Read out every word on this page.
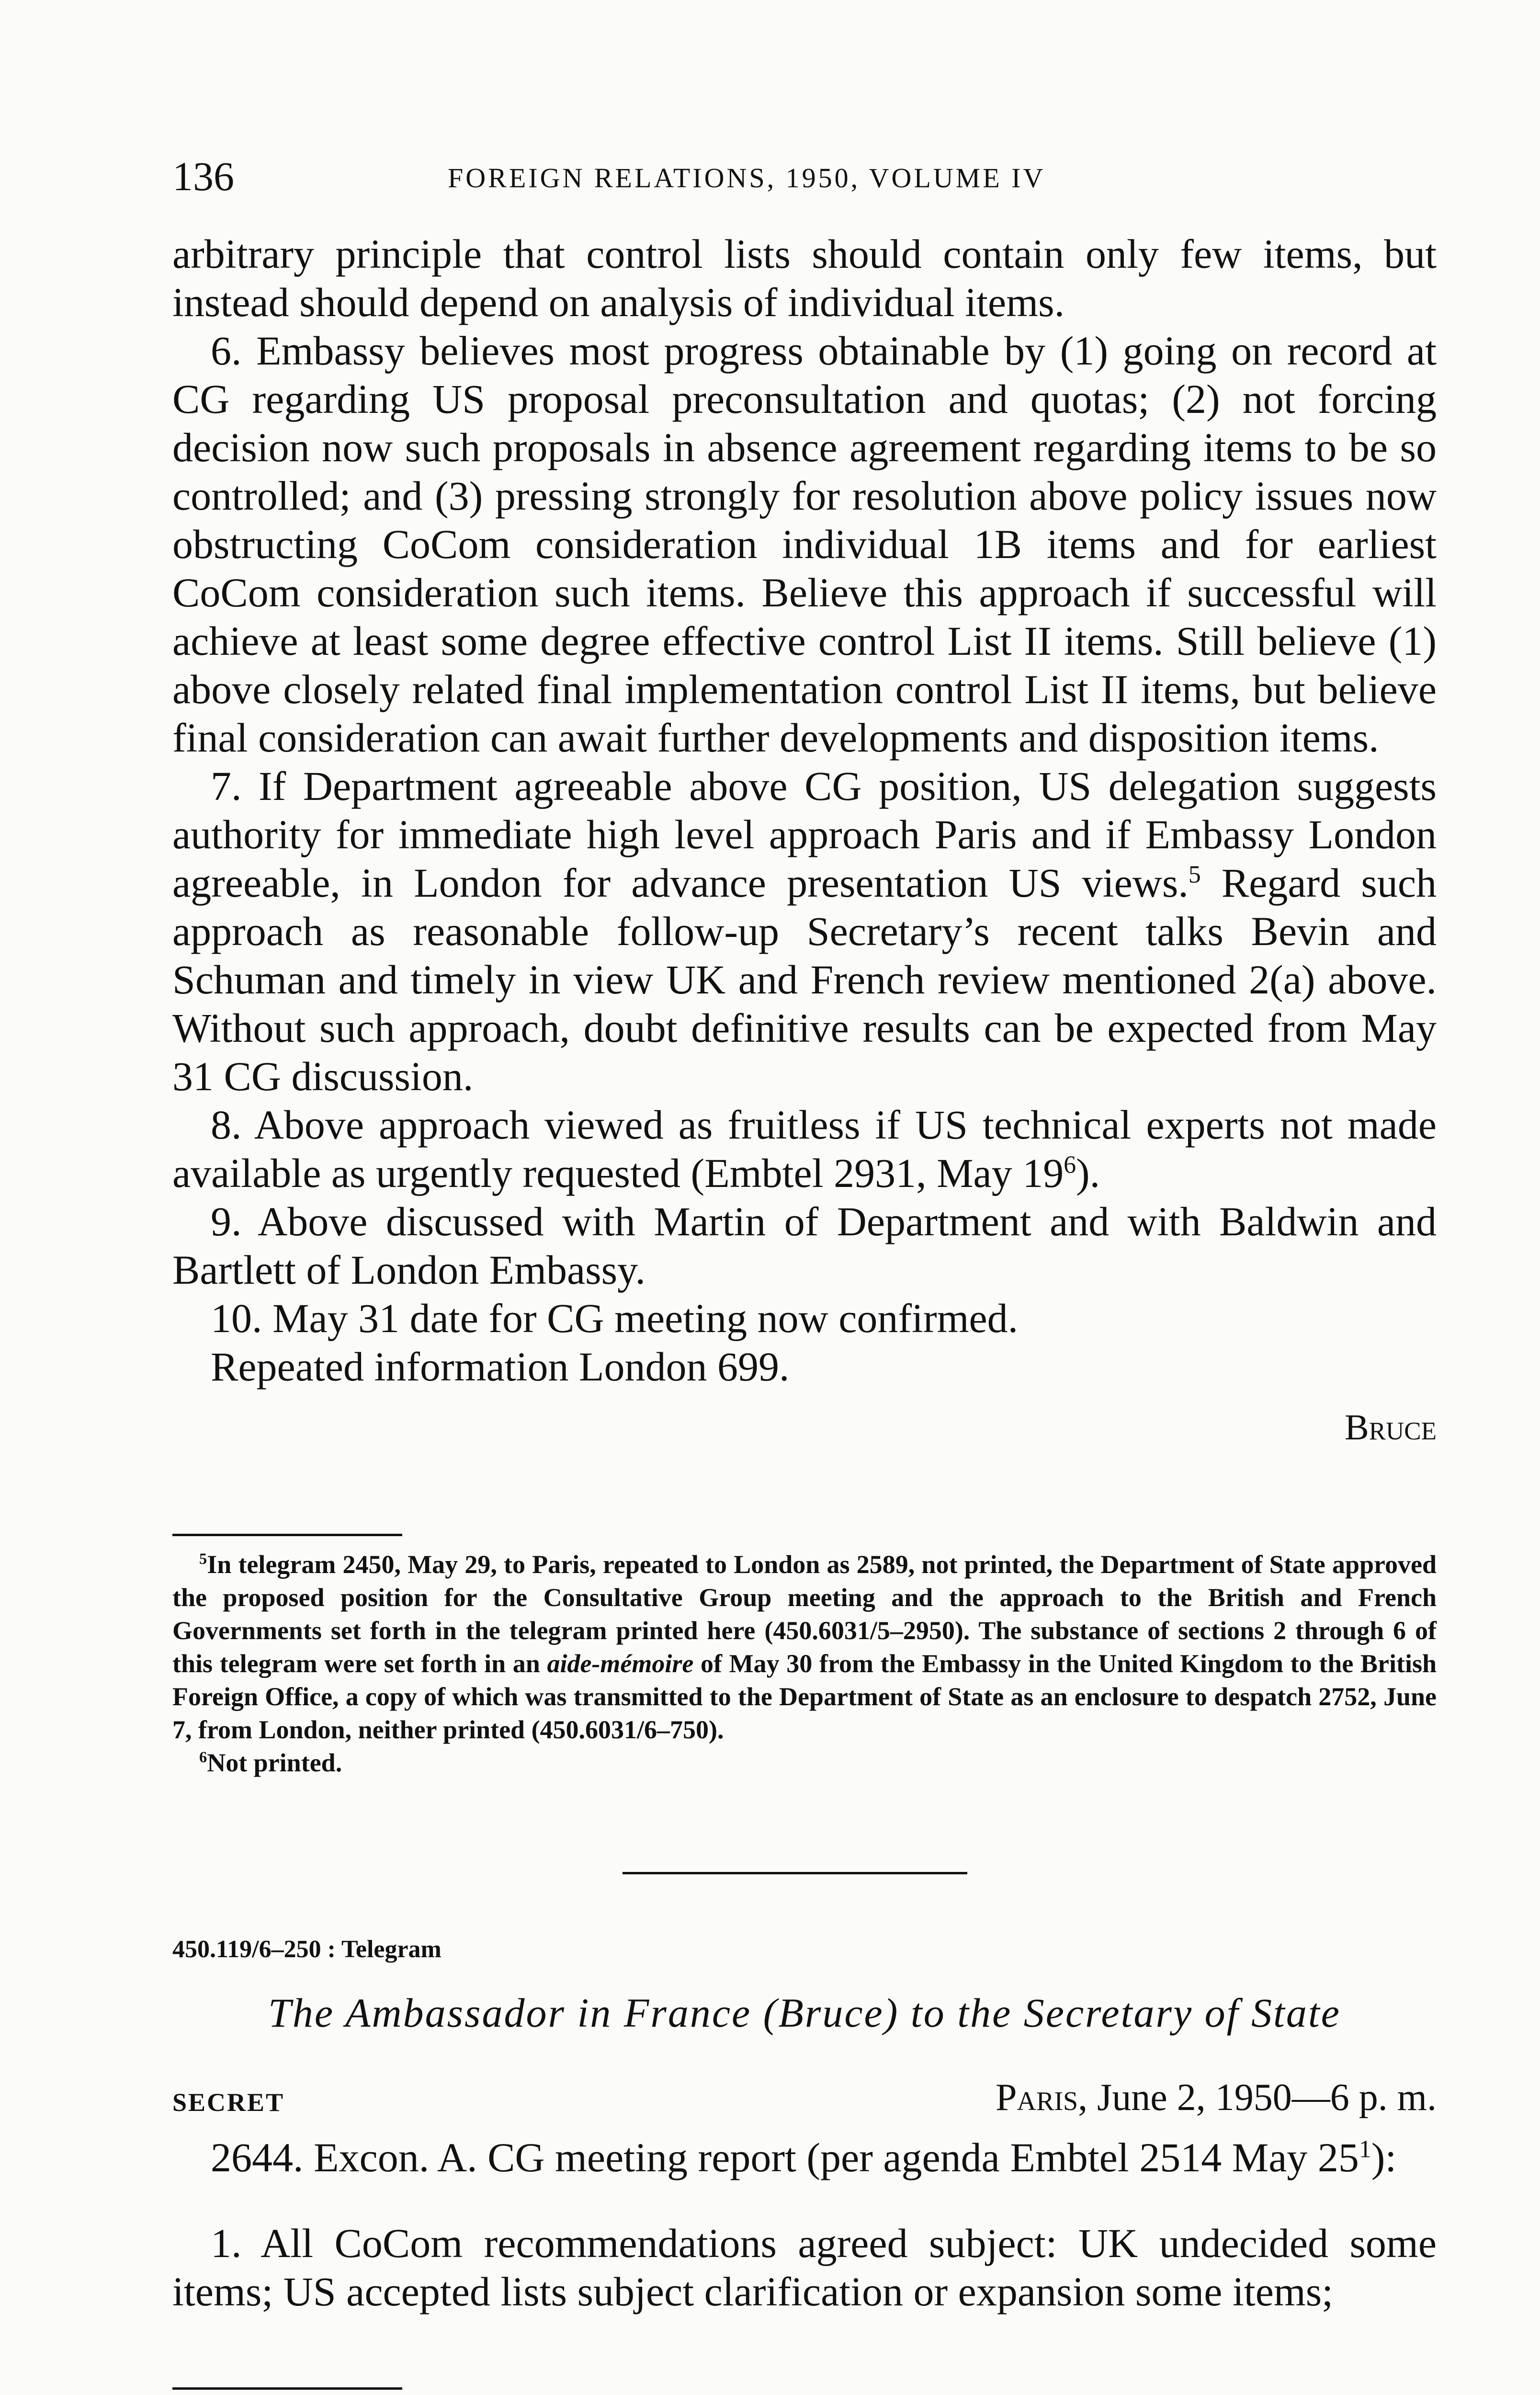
136	FOREIGN RELATIONS, 1950, VOLUME IV

arbitrary principle that control lists should contain only few items, but instead should depend on analysis of individual items.

6. Embassy believes most progress obtainable by (1) going on record at CG regarding US proposal preconsultation and quotas; (2) not forcing decision now such proposals in absence agreement regarding items to be so controlled; and (3) pressing strongly for resolution above policy issues now obstructing CoCom consideration individual 1B items and for earliest CoCom consideration such items. Believe this approach if successful will achieve at least some degree effective control List II items. Still believe (1) above closely related final implementation control List II items, but believe final consideration can await further developments and disposition items.

7. If Department agreeable above CG position, US delegation suggests authority for immediate high level approach Paris and if Embassy London agreeable, in London for advance presentation US views.$^5$ Regard such approach as reasonable follow-up Secretary’s recent talks Bevin and Schuman and timely in view UK and French review mentioned 2(a) above. Without such approach, doubt definitive results can be expected from May 31 CG discussion.

8. Above approach viewed as fruitless if US technical experts not made available as urgently requested (Embtel 2931, May $19^6$).

9. Above discussed with Martin of Department and with Baldwin and Bartlett of London Embassy.

10. May 31 date for CG meeting now confirmed.

Repeated information London 699.

Bruce

$^5$In telegram 2450, May 29, to Paris, repeated to London as 2589, not printed, the Department of State approved the proposed position for the Consultative Group meeting and the approach to the British and French Governments set forth in the telegram printed here (450.6031/5–2950). The substance of sections 2 through 6 of this telegram were set forth in an aide-mémoire of May 30 from the Embassy in the United Kingdom to the British Foreign Office, a copy of which was transmitted to the Department of State as an enclosure to despatch 2752, June 7, from London, neither printed (450.6031/6–750).

$^6$Not printed.

450.119/6–250 : Telegram
The Ambassador in France (Bruce) to the Secretary of State
SECRET	Paris, June 2, 1950—6 p. m.

2644. Excon. A. CG meeting report (per agenda Embtel 2514 May $25^1$):

1. All CoCom recommendations agreed subject: UK undecided some items; US accepted lists subject clarification or expansion some items;
